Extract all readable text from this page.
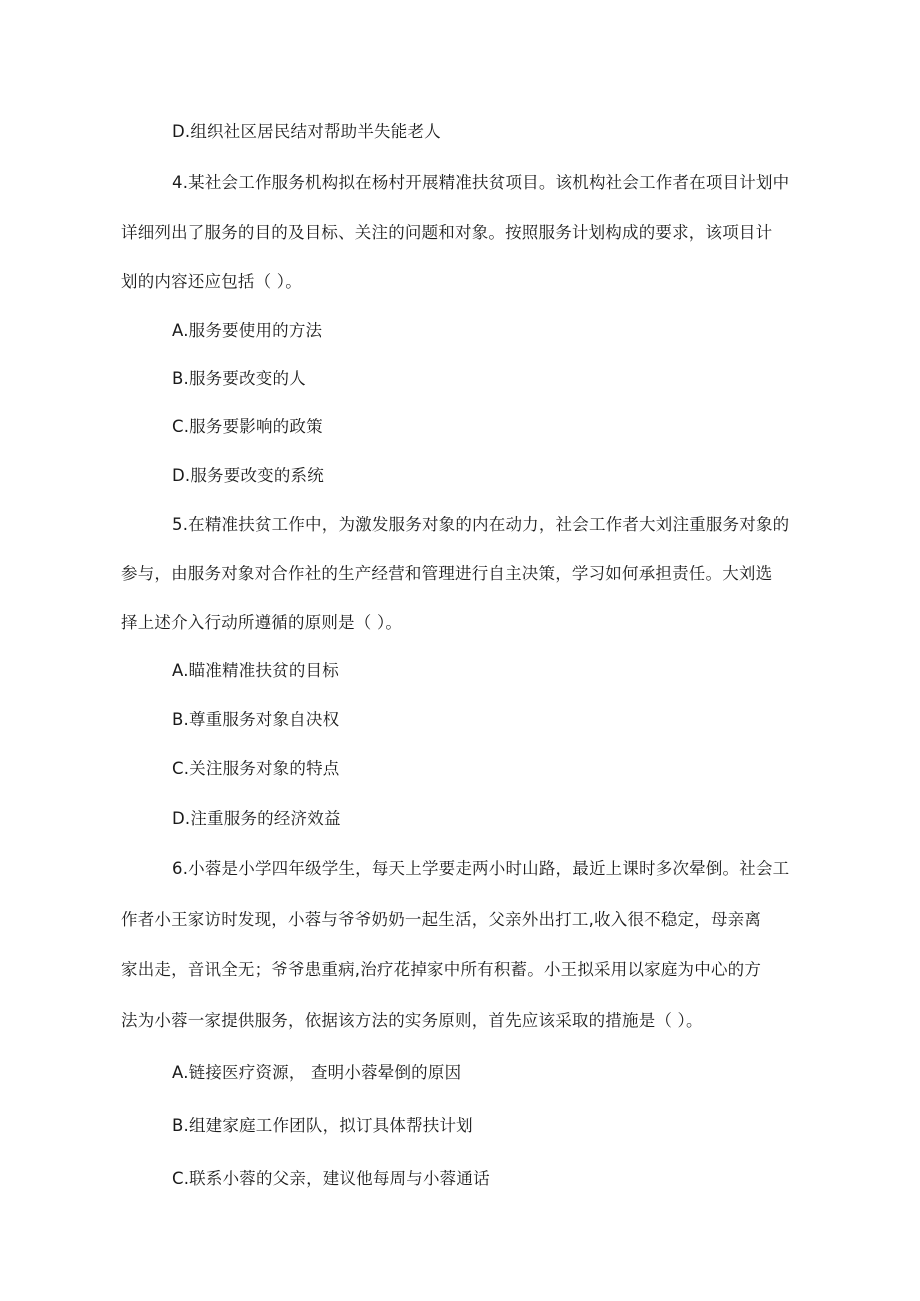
D.组织社区居民结对帮助半失能老人
4.某社会工作服务机构拟在杨村开展精准扶贫项目。该机构社会工作者在项目计划中
详细列出了服务的目的及目标、关注的问题和对象。按照服务计划构成的要求，该项目计
划的内容还应包括（ ）。
A.服务要使用的方法
B.服务要改变的人
C.服务要影响的政策
D.服务要改变的系统
5.在精准扶贫工作中，为激发服务对象的内在动力，社会工作者大刘注重服务对象的
参与，由服务对象对合作社的生产经营和管理进行自主决策，学习如何承担责任。大刘选
择上述介入行动所遵循的原则是（ ）。
A.瞄准精准扶贫的目标
B.尊重服务对象自决权
C.关注服务对象的特点
D.注重服务的经济效益
6.小蓉是小学四年级学生，每天上学要走两小时山路，最近上课时多次晕倒。社会工
作者小王家访时发现，小蓉与爷爷奶奶一起生活，父亲外出打工,收入很不稳定，母亲离
家出走，音讯全无；爷爷患重病,治疗花掉家中所有积蓄。小王拟采用以家庭为中心的方
法为小蓉一家提供服务，依据该方法的实务原则，首先应该采取的措施是（ ）。
A.链接医疗资源， 查明小蓉晕倒的原因
B.组建家庭工作团队，拟订具体帮扶计划
C.联系小蓉的父亲，建议他每周与小蓉通话
